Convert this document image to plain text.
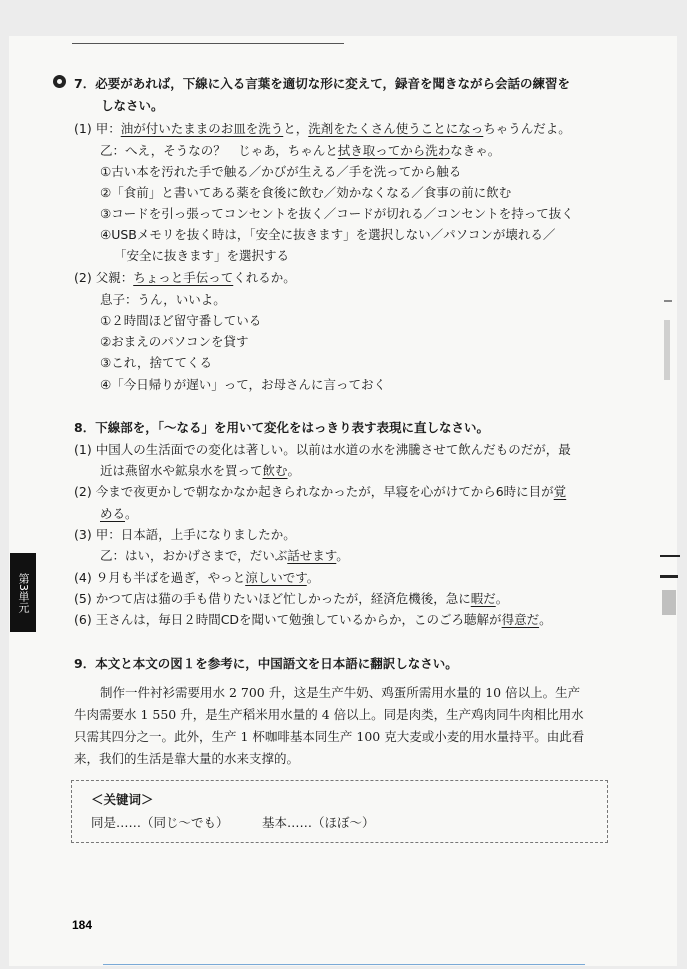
7．必要があれば，下線に入る言葉を適切な形に変えて，録音を聞きながら会話の練習を
しなさい。
(1) 甲：油が付いたままのお皿を洗うと，洗剤をたくさん使うことになっちゃうんだよ。
乙：へえ，そうなの？　じゃあ，ちゃんと拭き取ってから洗わなきゃ。
①古い本を汚れた手で触る／かびが生える／手を洗ってから触る
②「食前」と書いてある薬を食後に飲む／効かなくなる／食事の前に飲む
③コードを引っ張ってコンセントを抜く／コードが切れる／コンセントを持って抜く
④USBメモリを抜く時は，「安全に抜きます」を選択しない／パソコンが壊れる／
「安全に抜きます」を選択する
(2) 父親：ちょっと手伝ってくれるか。
息子：うん，いいよ。
①２時間ほど留守番している
②おまえのパソコンを貸す
③これ，捨ててくる
④「今日帰りが遅い」って，お母さんに言っておく
8．下線部を，「～なる」を用いて変化をはっきり表す表現に直しなさい。
(1) 中国人の生活面での変化は著しい。以前は水道の水を沸騰させて飲んだものだが，最
近は燕留水や鉱泉水を買って飲む。
(2) 今まで夜更かしで朝なかなか起きられなかったが，早寝を心がけてから6時に目が覚
める。
(3) 甲：日本語，上手になりましたか。
乙：はい，おかげさまで，だいぶ話せます。
(4) ９月も半ばを過ぎ，やっと涼しいです。
(5) かつて店は猫の手も借りたいほど忙しかったが，経済危機後，急に暇だ。
(6) 王さんは，毎日２時間CDを聞いて勉強しているからか，このごろ聴解が得意だ。
9．本文と本文の図１を参考に，中国語文を日本語に翻訳しなさい。
制作一件衬衫需要用水 2 700 升，这是生产牛奶、鸡蛋所需用水量的 10 倍以上。生产
牛肉需要水 1 550 升，是生产稻米用水量的 4 倍以上。同是肉类，生产鸡肉同牛肉相比用水
只需其四分之一。此外，生产 1 杯咖啡基本同生产 100 克大麦或小麦的用水量持平。由此看
来，我们的生活是靠大量的水来支撑的。
＜关键词＞
同是……（同じ～でも）	基本……（ほぼ～）
第3単元
184
